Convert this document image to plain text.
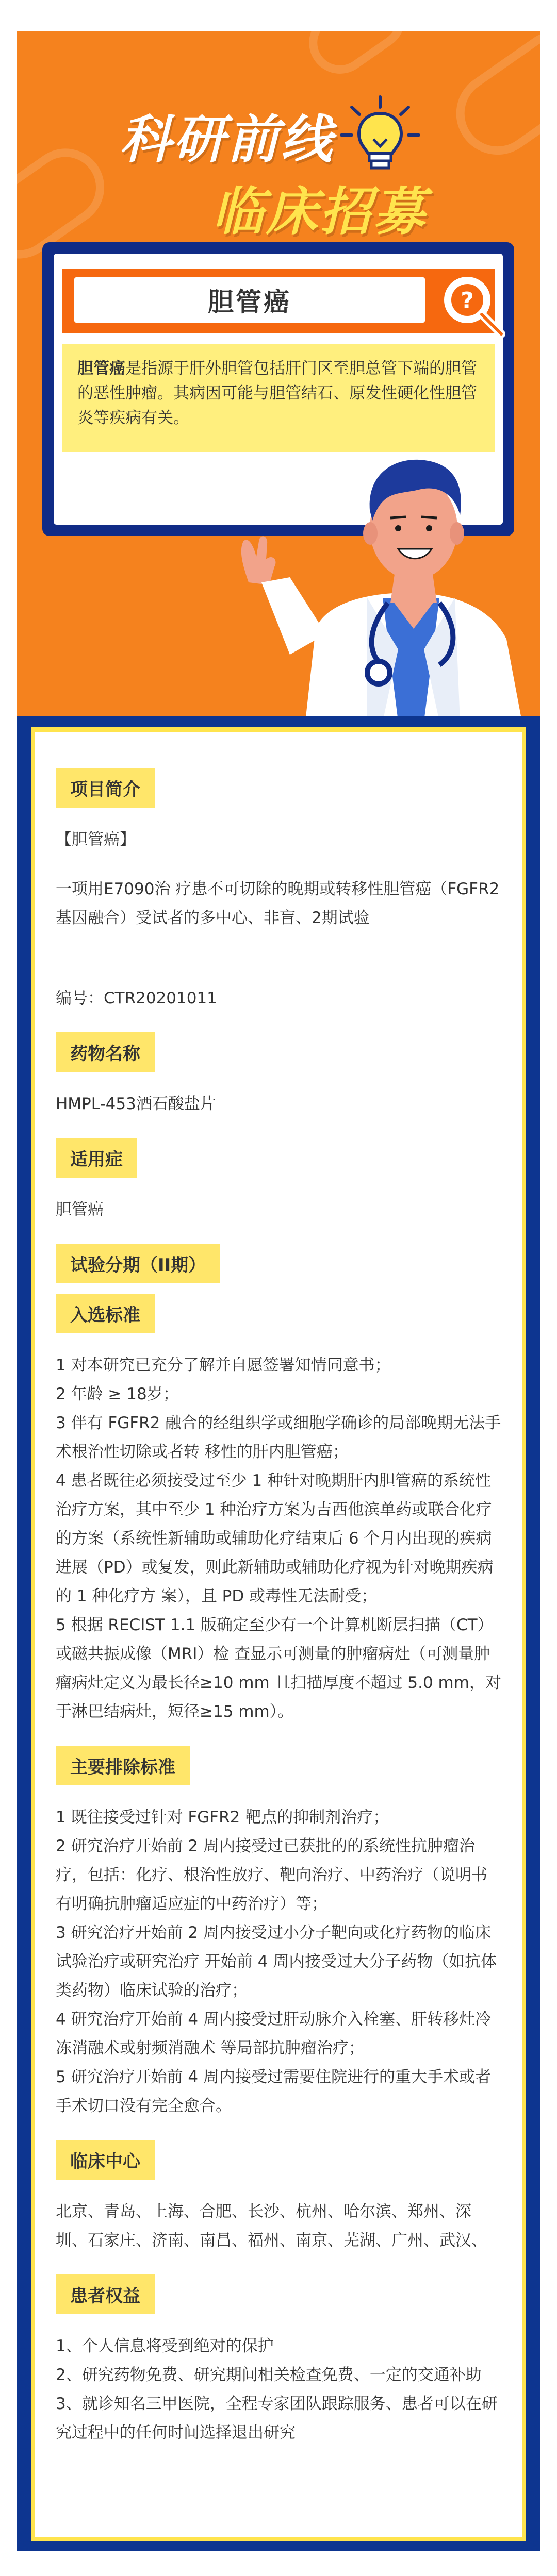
科研前线
临床招募
胆管癌	?

胆管癌是指源于肝外胆管包括肝门区至胆总管下端的胆管的恶性肿瘤。其病因可能与胆管结石、原发性硬化性胆管炎等疾病有关。

项目简介

【胆管癌】

一项用E7090治 疗患不可切除的晚期或转移性胆管癌（FGFR2基因融合）受试者的多中心、非盲、2期试验

编号：CTR20201011

药物名称

HMPL-453酒石酸盐片

适用症

胆管癌

试验分期（II期）
入选标准

1 对本研究已充分了解并自愿签署知情同意书；

2 年龄 ≥ 18岁；

3 伴有 FGFR2 融合的经组织学或细胞学确诊的局部晚期无法手术根治性切除或者转 移性的肝内胆管癌；

4 患者既往必须接受过至少 1 种针对晚期肝内胆管癌的系统性治疗方案，其中至少 1 种治疗方案为吉西他滨单药或联合化疗的方案（系统性新辅助或辅助化疗结束后 6 个月内出现的疾病进展（PD）或复发，则此新辅助或辅助化疗视为针对晚期疾病的 1 种化疗方 案），且 PD 或毒性无法耐受；

5 根据 RECIST 1.1 版确定至少有一个计算机断层扫描（CT）或磁共振成像（MRI）检 查显示可测量的肿瘤病灶（可测量肿瘤病灶定义为最长径≥10 mm 且扫描厚度不超过 5.0 mm，对于淋巴结病灶，短径≥15 mm）。

主要排除标准

1 既往接受过针对 FGFR2 靶点的抑制剂治疗；

2 研究治疗开始前 2 周内接受过已获批的的系统性抗肿瘤治疗，包括：化疗、根治性放疗、靶向治疗、中药治疗（说明书有明确抗肿瘤适应症的中药治疗）等；

3 研究治疗开始前 2 周内接受过小分子靶向或化疗药物的临床试验治疗或研究治疗 开始前 4 周内接受过大分子药物（如抗体类药物）临床试验的治疗；

4 研究治疗开始前 4 周内接受过肝动脉介入栓塞、肝转移灶冷冻消融术或射频消融术 等局部抗肿瘤治疗；

5 研究治疗开始前 4 周内接受过需要住院进行的重大手术或者手术切口没有完全愈合。

临床中心

北京、青岛、上海、合肥、长沙、杭州、哈尔滨、郑州、深圳、石家庄、济南、南昌、福州、南京、芜湖、广州、武汉、

患者权益

1、个人信息将受到绝对的保护

2、研究药物免费、研究期间相关检查免费、一定的交通补助

3、就诊知名三甲医院，全程专家团队跟踪服务、患者可以在研究过程中的任何时间选择退出研究
